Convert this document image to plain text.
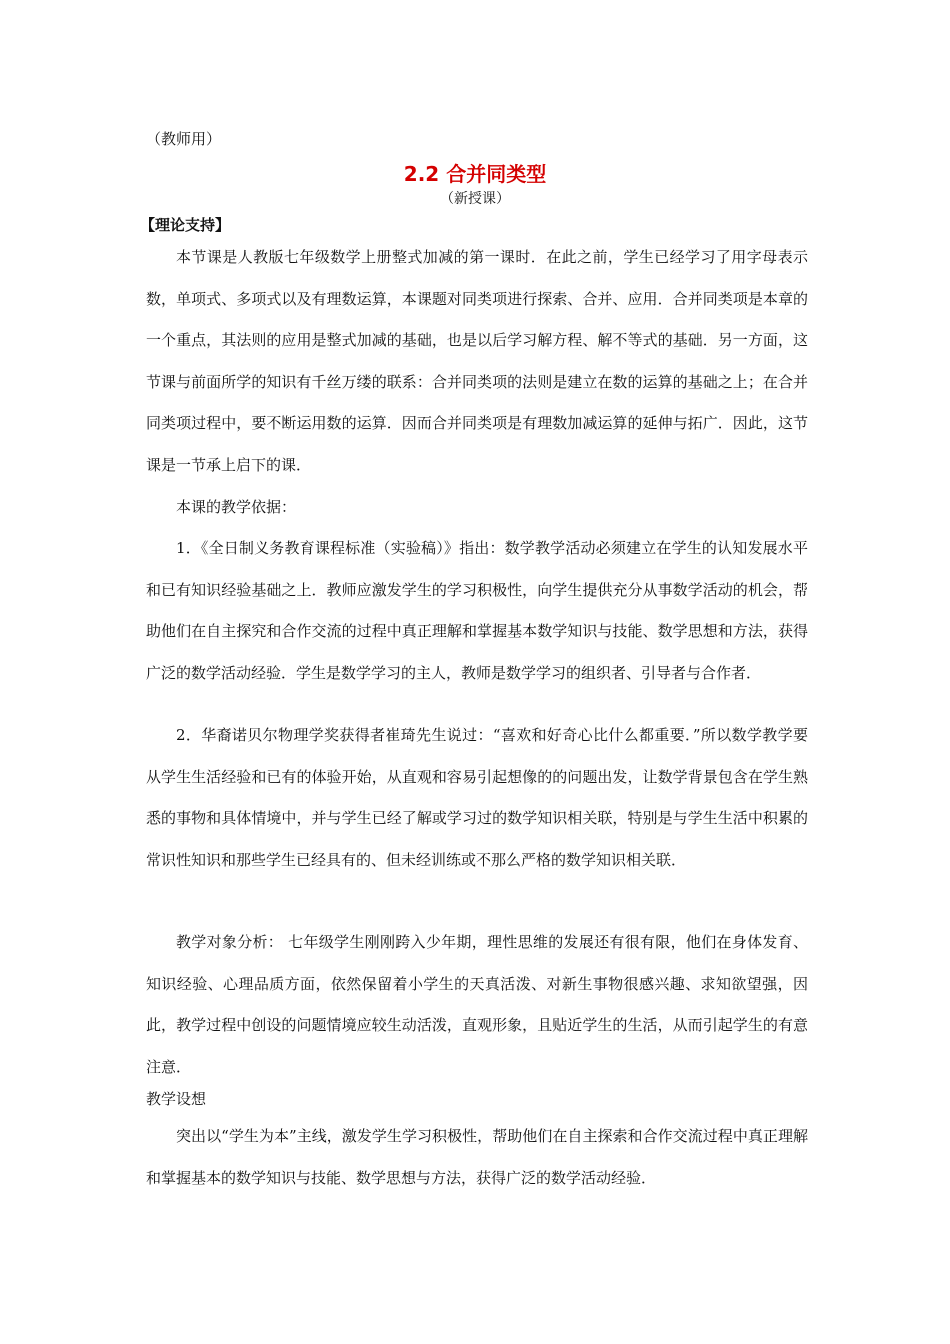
（教师用）
2.2 合并同类型
（新授课）
【理论支持】

本节课是人教版七年级数学上册整式加减的第一课时．在此之前，学生已经学习了用字母表示数，单项式、多项式以及有理数运算，本课题对同类项进行探索、合并、应用．合并同类项是本章的一个重点，其法则的应用是整式加减的基础，也是以后学习解方程、解不等式的基础．另一方面，这节课与前面所学的知识有千丝万缕的联系：合并同类项的法则是建立在数的运算的基础之上；在合并同类项过程中，要不断运用数的运算．因而合并同类项是有理数加减运算的延伸与拓广．因此，这节课是一节承上启下的课．

本课的教学依据：

1．《全日制义务教育课程标准（实验稿）》指出：数学教学活动必须建立在学生的认知发展水平和已有知识经验基础之上．教师应激发学生的学习积极性，向学生提供充分从事数学活动的机会，帮助他们在自主探究和合作交流的过程中真正理解和掌握基本数学知识与技能、数学思想和方法，获得广泛的数学活动经验．学生是数学学习的主人，教师是数学学习的组织者、引导者与合作者．

2．华裔诺贝尔物理学奖获得者崔琦先生说过：“喜欢和好奇心比什么都重要．”所以数学教学要从学生生活经验和已有的体验开始，从直观和容易引起想像的的问题出发，让数学背景包含在学生熟悉的事物和具体情境中，并与学生已经了解或学习过的数学知识相关联，特别是与学生生活中积累的常识性知识和那些学生已经具有的、但未经训练或不那么严格的数学知识相关联．

教学对象分析： 七年级学生刚刚跨入少年期，理性思维的发展还有很有限，他们在身体发育、知识经验、心理品质方面，依然保留着小学生的天真活泼、对新生事物很感兴趣、求知欲望强，因此，教学过程中创设的问题情境应较生动活泼，直观形象，且贴近学生的生活，从而引起学生的有意注意．

教学设想

突出以“学生为本”主线，激发学生学习积极性，帮助他们在自主探索和合作交流过程中真正理解和掌握基本的数学知识与技能、数学思想与方法，获得广泛的数学活动经验．
